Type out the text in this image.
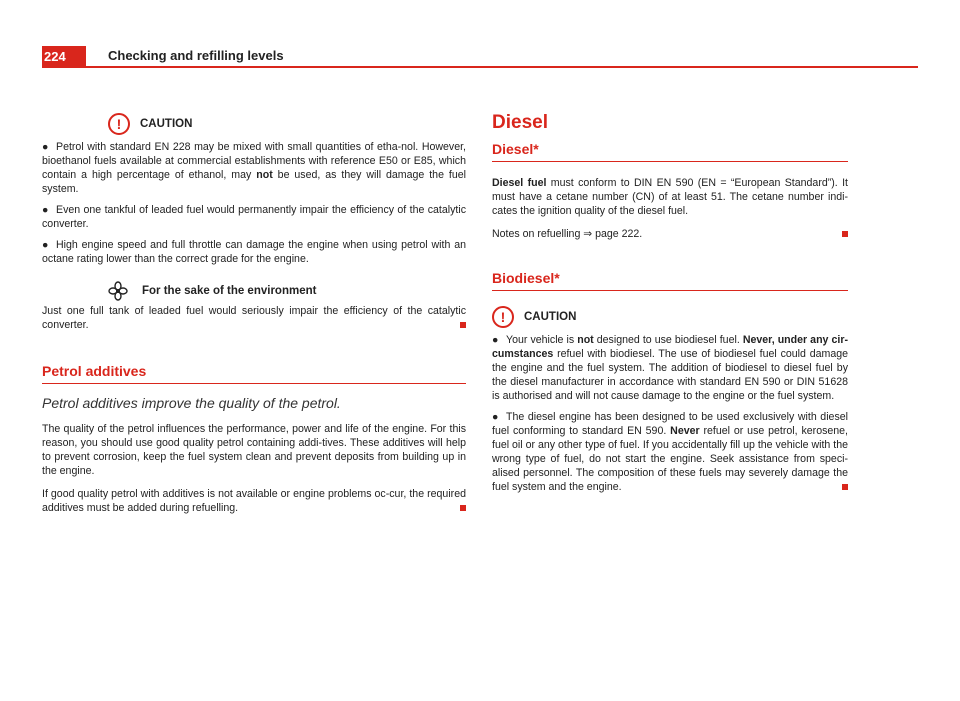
224	Checking and refilling levels
!	CAUTION

● Petrol with standard EN 228 may be mixed with small quantities of etha-nol. However, bioethanol fuels available at commercial establishments with reference E50 or E85, which contain a high percentage of ethanol, may not be used, as they will damage the fuel system.

● Even one tankful of leaded fuel would permanently impair the efficiency of the catalytic converter.

● High engine speed and full throttle can damage the engine when using petrol with an octane rating lower than the correct grade for the engine.

For the sake of the environment

Just one full tank of leaded fuel would seriously impair the efficiency of the catalytic converter.

Petrol additives
Petrol additives improve the quality of the petrol.

The quality of the petrol influences the performance, power and life of the engine. For this reason, you should use good quality petrol containing addi-tives. These additives will help to prevent corrosion, keep the fuel system clean and prevent deposits from building up in the engine.

If good quality petrol with additives is not available or engine problems oc-cur, the required additives must be added during refuelling.

Diesel
Diesel*

Diesel fuel must conform to DIN EN 590 (EN = “European Standard”). It must have a cetane number (CN) of at least 51. The cetane number indi-cates the ignition quality of the diesel fuel.

Notes on refuelling ⇒ page 222.

Biodiesel*
!	CAUTION

● Your vehicle is not designed to use biodiesel fuel. Never, under any cir-cumstances refuel with biodiesel. The use of biodiesel fuel could damage the engine and the fuel system. The addition of biodiesel to diesel fuel by the diesel manufacturer in accordance with standard EN 590 or DIN 51628 is authorised and will not cause damage to the engine or the fuel system.

● The diesel engine has been designed to be used exclusively with diesel fuel conforming to standard EN 590. Never refuel or use petrol, kerosene, fuel oil or any other type of fuel. If you accidentally fill up the vehicle with the wrong type of fuel, do not start the engine. Seek assistance from speci-alised personnel. The composition of these fuels may severely damage the fuel system and the engine.
